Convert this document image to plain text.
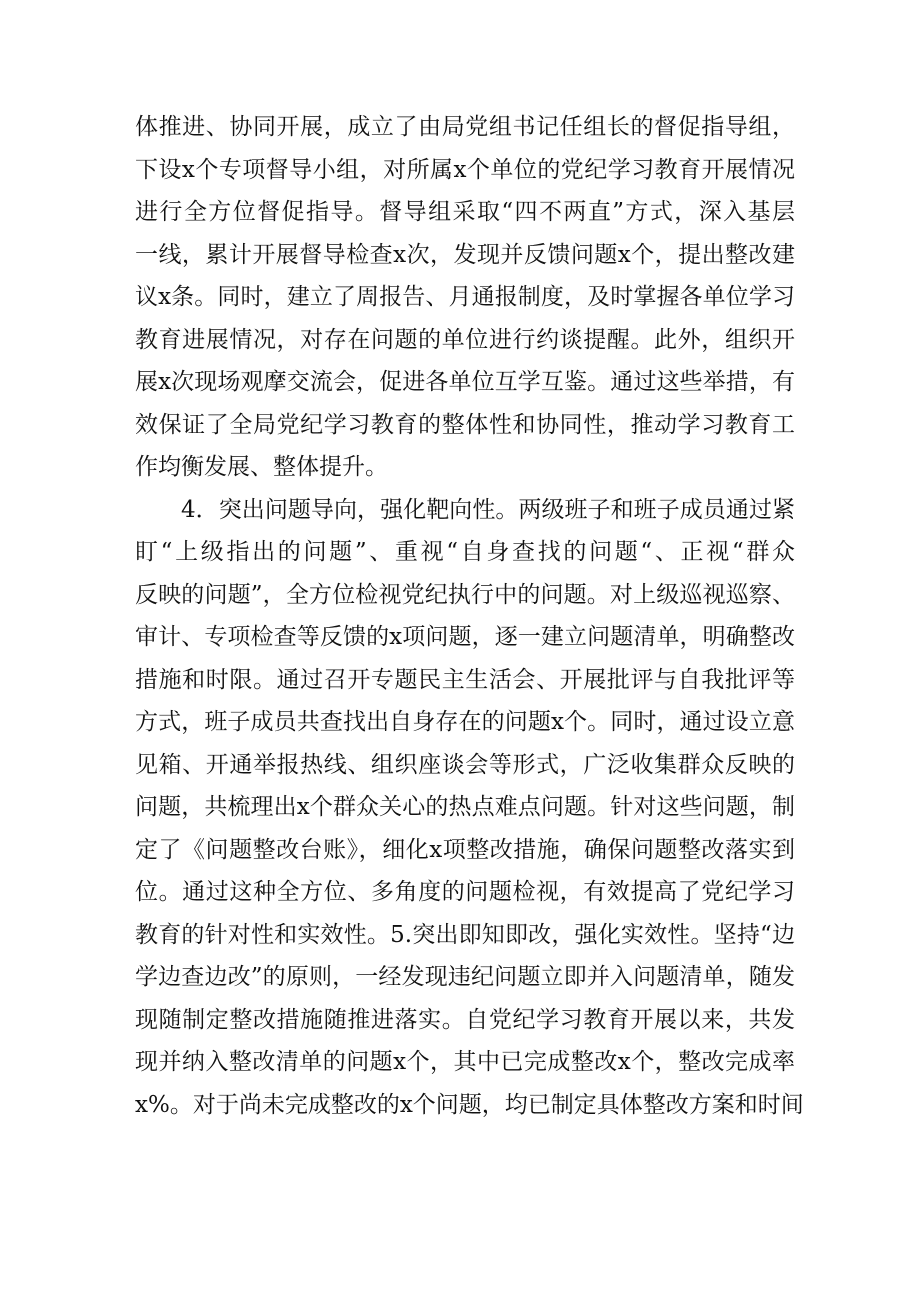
体推进、协同开展，成立了由局党组书记任组长的督促指导组，
下设x个专项督导小组，对所属x个单位的党纪学习教育开展情况
进行全方位督促指导。督导组采取“四不两直”方式，深入基层
一线，累计开展督导检查x次，发现并反馈问题x个，提出整改建
议x条。同时，建立了周报告、月通报制度，及时掌握各单位学习
教育进展情况，对存在问题的单位进行约谈提醒。此外，组织开
展x次现场观摩交流会，促进各单位互学互鉴。通过这些举措，有
效保证了全局党纪学习教育的整体性和协同性，推动学习教育工
作均衡发展、整体提升。
4．突出问题导向，强化靶向性。两级班子和班子成员通过紧
盯“上级指出的问题”、重视“自身查找的问题“、正视“群众
反映的问题”，全方位检视党纪执行中的问题。对上级巡视巡察、
审计、专项检查等反馈的x项问题，逐一建立问题清单，明确整改
措施和时限。通过召开专题民主生活会、开展批评与自我批评等
方式，班子成员共查找出自身存在的问题x个。同时，通过设立意
见箱、开通举报热线、组织座谈会等形式，广泛收集群众反映的
问题，共梳理出x个群众关心的热点难点问题。针对这些问题，制
定了《问题整改台账》，细化x项整改措施，确保问题整改落实到
位。通过这种全方位、多角度的问题检视，有效提高了党纪学习
教育的针对性和实效性。5.突出即知即改，强化实效性。坚持“边
学边查边改”的原则，一经发现违纪问题立即并入问题清单，随发
现随制定整改措施随推进落实。自党纪学习教育开展以来，共发
现并纳入整改清单的问题x个，其中已完成整改x个，整改完成率
x%。对于尚未完成整改的x个问题，均已制定具体整改方案和时间
